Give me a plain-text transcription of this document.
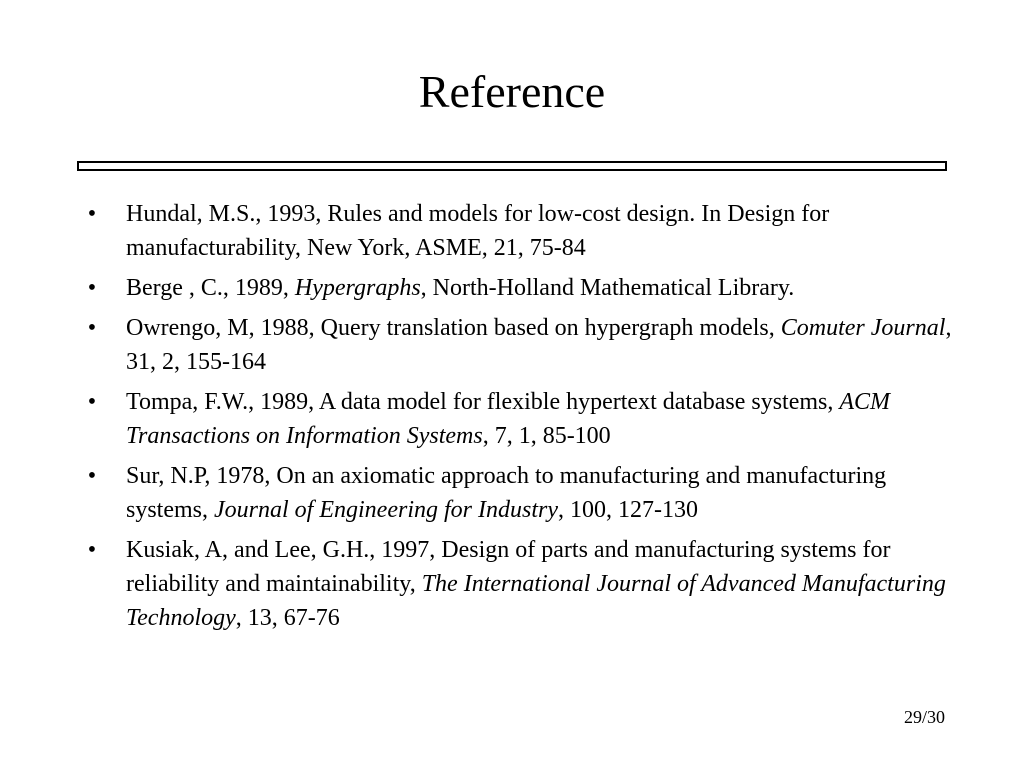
Reference
• Hundal, M.S., 1993, Rules and models for low-cost design. In Design for manufacturability, New York, ASME, 21, 75-84
• Berge , C., 1989, Hypergraphs, North-Holland Mathematical Library.
• Owrengo, M, 1988, Query translation based on hypergraph models, Comuter Journal, 31, 2, 155-164
• Tompa, F.W., 1989, A data model for flexible hypertext database systems, ACM Transactions on Information Systems, 7, 1, 85-100
• Sur, N.P, 1978, On an axiomatic approach to manufacturing and manufacturing systems, Journal of Engineering for Industry, 100, 127-130
• Kusiak, A, and Lee, G.H., 1997, Design of parts and manufacturing systems for reliability and maintainability, The International Journal of Advanced Manufacturing Technology, 13, 67-76
29/30
